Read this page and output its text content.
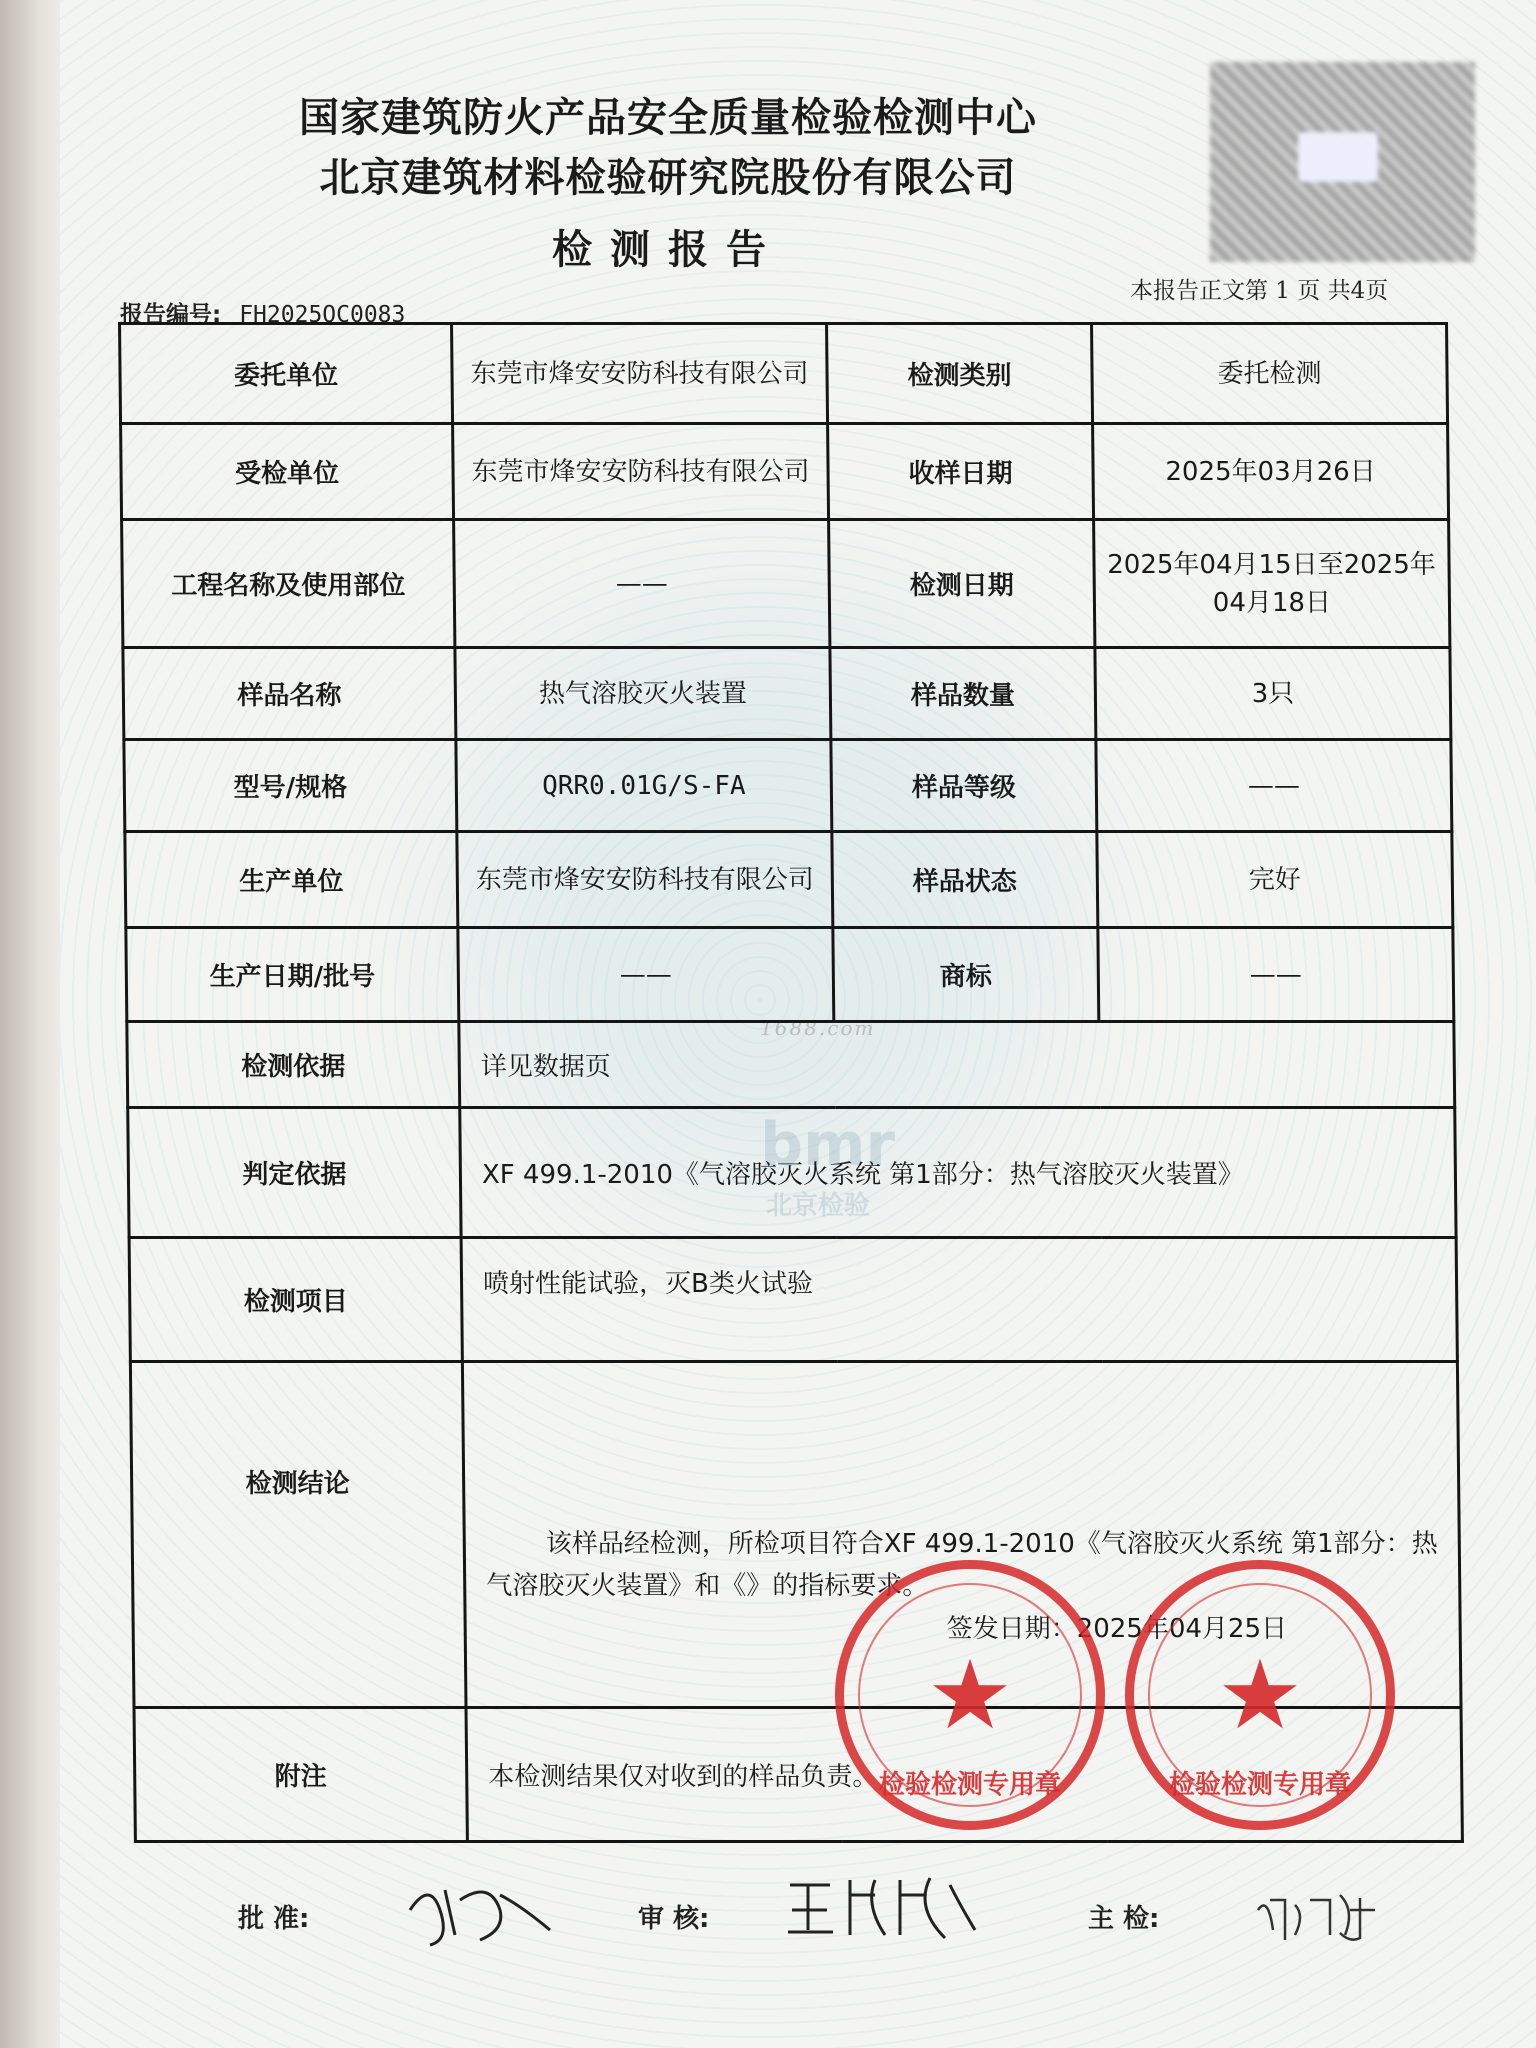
国家建筑防火产品安全质量检验检测中心
北京建筑材料检验研究院股份有限公司
检测报告
本报告正文第 1 页 共4页
报告编号: FH2025QC0083
1688.com
bmr
北京检验
委托单位	东莞市烽安安防科技有限公司	检测类别	委托检测
受检单位	东莞市烽安安防科技有限公司	收样日期	2025年03月26日
工程名称及使用部位	——	检测日期	2025年04月15日至2025年04月18日
样品名称	热气溶胶灭火装置	样品数量	3只
型号/规格	QRR0.01G/S-FA	样品等级	——
生产单位	东莞市烽安安防科技有限公司	样品状态	完好
生产日期/批号	——	商标	——
检测依据	详见数据页		
判定依据	XF 499.1-2010《气溶胶灭火系统 第1部分：热气溶胶灭火装置》		
检测项目	喷射性能试验，灭B类火试验		
检测结论	该样品经检测，所检项目符合XF 499.1-2010《气溶胶灭火系统 第1部分：热气溶胶灭火装置》和《》的指标要求。
签发日期：2025年04月25日		

附注	本检测结果仅对收到的样品负责。		
★
检验检测专用章
★
检验检测专用章
批 准:	审 核:	主 检:
